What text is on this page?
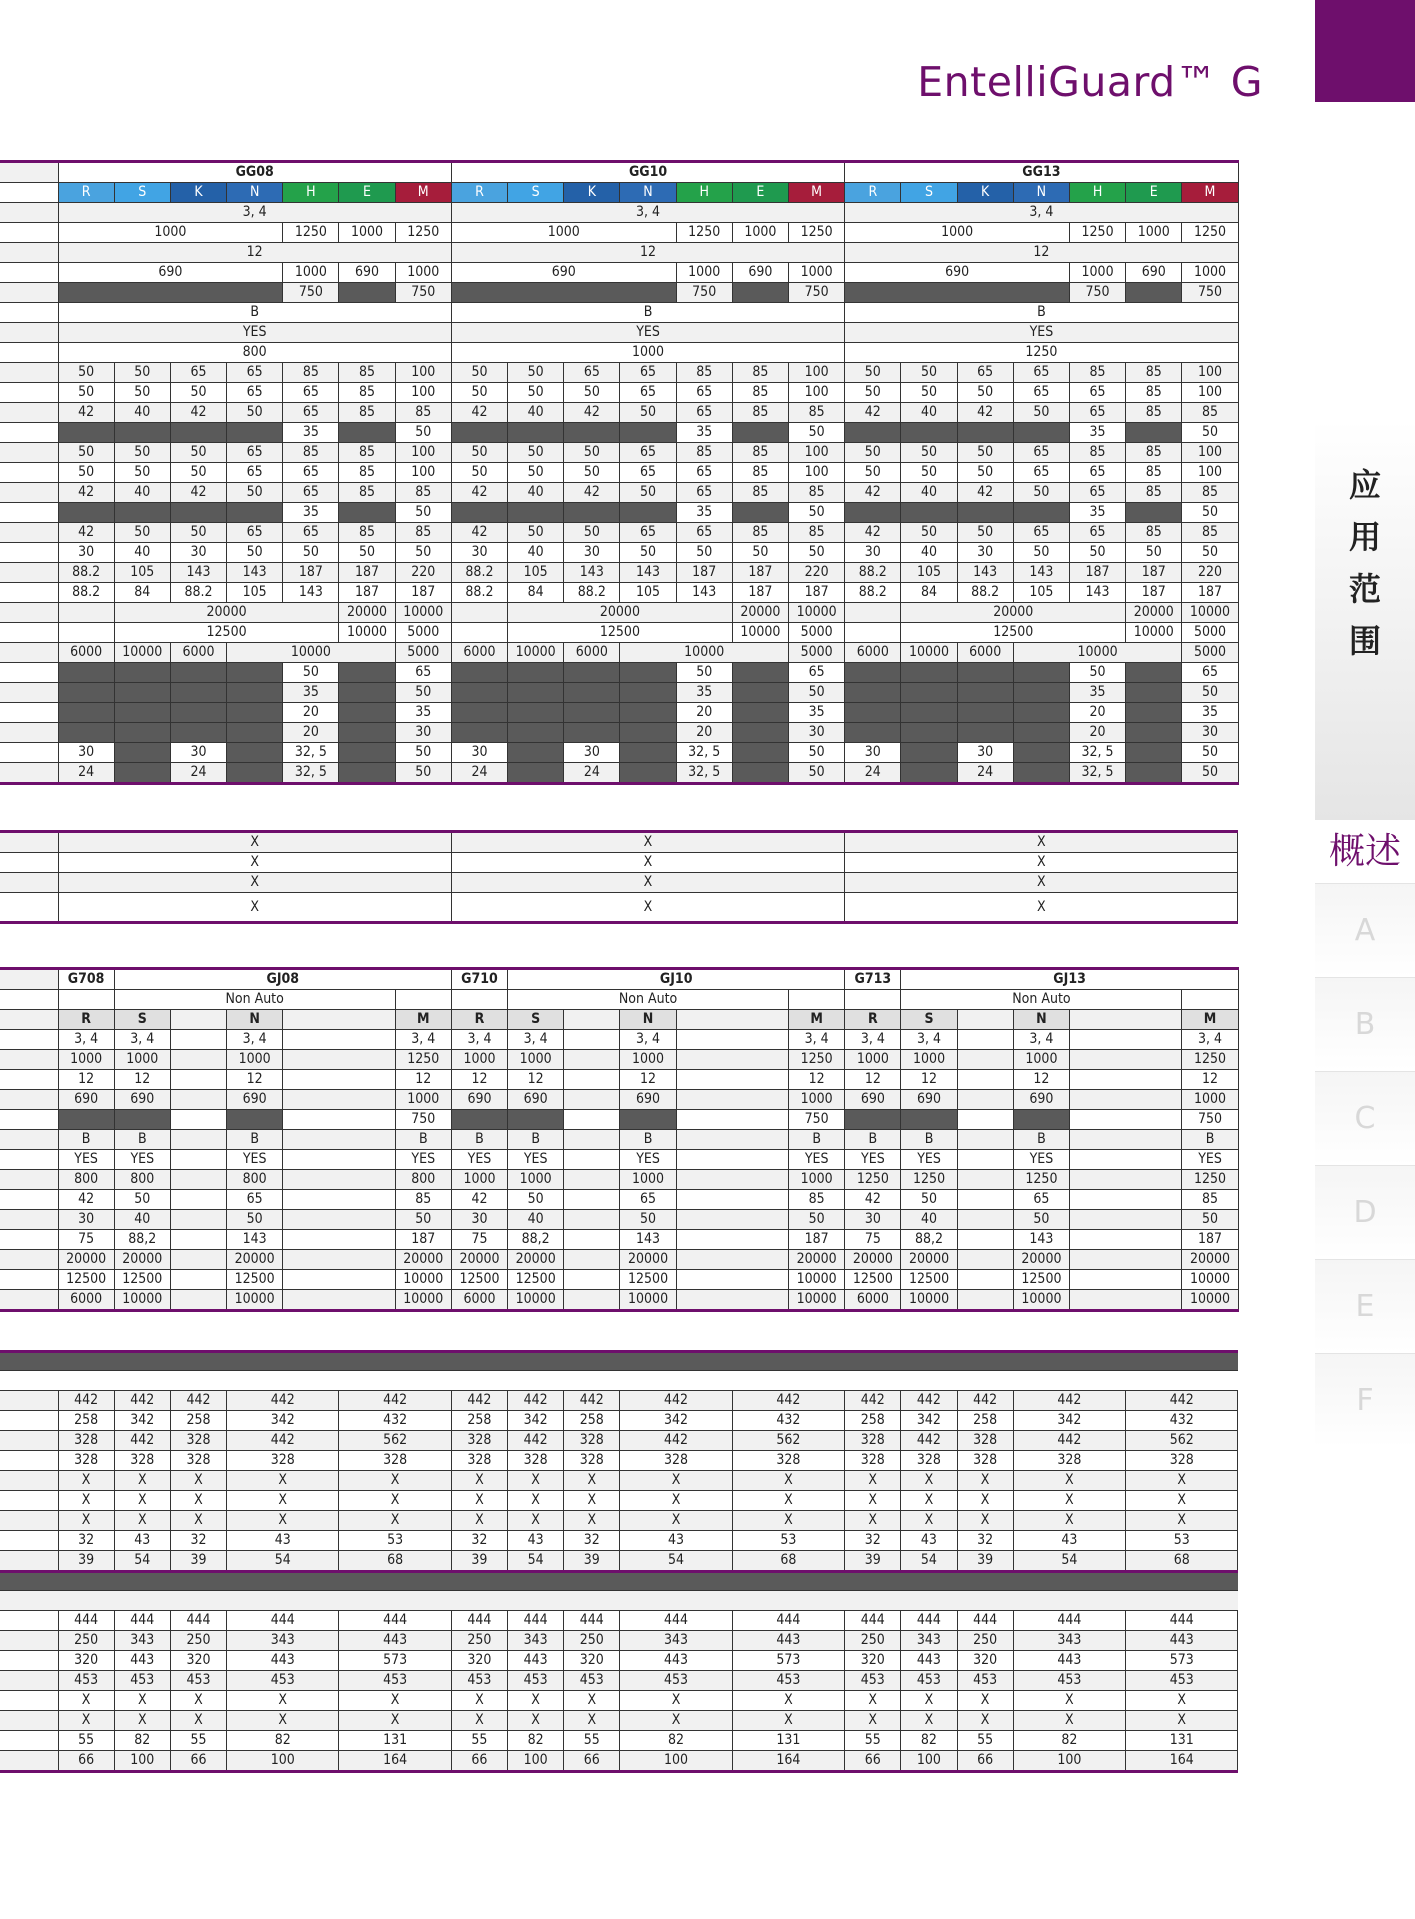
EntelliGuard™ G
应
用
范
围
概述
A
B
C
D
E
F
	GG08							GG10							GG13						
	R	S	K	N	H	E	M	R	S	K	N	H	E	M	R	S	K	N	H	E	M
	3, 4							3, 4							3, 4						
	1000				1250	1000	1250	1000				1250	1000	1250	1000				1250	1000	1250
	12							12							12						
	690				1000	690	1000	690				1000	690	1000	690				1000	690	1000
					750		750					750		750					750		750
	B							B							B						
	YES							YES							YES						
	800							1000							1250						
	50	50	65	65	85	85	100	50	50	65	65	85	85	100	50	50	65	65	85	85	100
	50	50	50	65	65	85	100	50	50	50	65	65	85	100	50	50	50	65	65	85	100
	42	40	42	50	65	85	85	42	40	42	50	65	85	85	42	40	42	50	65	85	85
					35		50					35		50					35		50
	50	50	50	65	85	85	100	50	50	50	65	85	85	100	50	50	50	65	85	85	100
	50	50	50	65	65	85	100	50	50	50	65	65	85	100	50	50	50	65	65	85	100
	42	40	42	50	65	85	85	42	40	42	50	65	85	85	42	40	42	50	65	85	85
					35		50					35		50					35		50
	42	50	50	65	65	85	85	42	50	50	65	65	85	85	42	50	50	65	65	85	85
	30	40	30	50	50	50	50	30	40	30	50	50	50	50	30	40	30	50	50	50	50
	88.2	105	143	143	187	187	220	88.2	105	143	143	187	187	220	88.2	105	143	143	187	187	220
	88.2	84	88.2	105	143	187	187	88.2	84	88.2	105	143	187	187	88.2	84	88.2	105	143	187	187
		20000				20000	10000		20000				20000	10000		20000				20000	10000
		12500				10000	5000		12500				10000	5000		12500				10000	5000
	6000	10000	6000	10000			5000	6000	10000	6000	10000			5000	6000	10000	6000	10000			5000
					50		65					50		65					50		65
					35		50					35		50					35		50
					20		35					20		35					20		35
					20		30					20		30					20		30
	30		30		32, 5		50	30		30		32, 5		50	30		30		32, 5		50
	24		24		32, 5		50	24		24		32, 5		50	24		24		32, 5		50
	X	X	X
	X	X	X
	X	X	X
	X	X	X
	G708	GJ08					G710	GJ10					G713	GJ13				
		Non Auto						Non Auto						Non Auto				
	R	S		N		M	R	S		N		M	R	S		N		M
	3, 4	3, 4		3, 4		3, 4	3, 4	3, 4		3, 4		3, 4	3, 4	3, 4		3, 4		3, 4
	1000	1000		1000		1250	1000	1000		1000		1250	1000	1000		1000		1250
	12	12		12		12	12	12		12		12	12	12		12		12
	690	690		690		1000	690	690		690		1000	690	690		690		1000
						750						750						750
	B	B		B		B	B	B		B		B	B	B		B		B
	YES	YES		YES		YES	YES	YES		YES		YES	YES	YES		YES		YES
	800	800		800		800	1000	1000		1000		1000	1250	1250		1250		1250
	42	50		65		85	42	50		65		85	42	50		65		85
	30	40		50		50	30	40		50		50	30	40		50		50
	75	88,2		143		187	75	88,2		143		187	75	88,2		143		187
	20000	20000		20000		20000	20000	20000		20000		20000	20000	20000		20000		20000
	12500	12500		12500		10000	12500	12500		12500		10000	12500	12500		12500		10000
	6000	10000		10000		10000	6000	10000		10000		10000	6000	10000		10000		10000

	442	442	442	442	442	442	442	442	442	442	442	442	442	442	442
	258	342	258	342	432	258	342	258	342	432	258	342	258	342	432
	328	442	328	442	562	328	442	328	442	562	328	442	328	442	562
	328	328	328	328	328	328	328	328	328	328	328	328	328	328	328
	X	X	X	X	X	X	X	X	X	X	X	X	X	X	X
	X	X	X	X	X	X	X	X	X	X	X	X	X	X	X
	X	X	X	X	X	X	X	X	X	X	X	X	X	X	X
	32	43	32	43	53	32	43	32	43	53	32	43	32	43	53
	39	54	39	54	68	39	54	39	54	68	39	54	39	54	68

	444	444	444	444	444	444	444	444	444	444	444	444	444	444	444
	250	343	250	343	443	250	343	250	343	443	250	343	250	343	443
	320	443	320	443	573	320	443	320	443	573	320	443	320	443	573
	453	453	453	453	453	453	453	453	453	453	453	453	453	453	453
	X	X	X	X	X	X	X	X	X	X	X	X	X	X	X
	X	X	X	X	X	X	X	X	X	X	X	X	X	X	X
	55	82	55	82	131	55	82	55	82	131	55	82	55	82	131
	66	100	66	100	164	66	100	66	100	164	66	100	66	100	164
